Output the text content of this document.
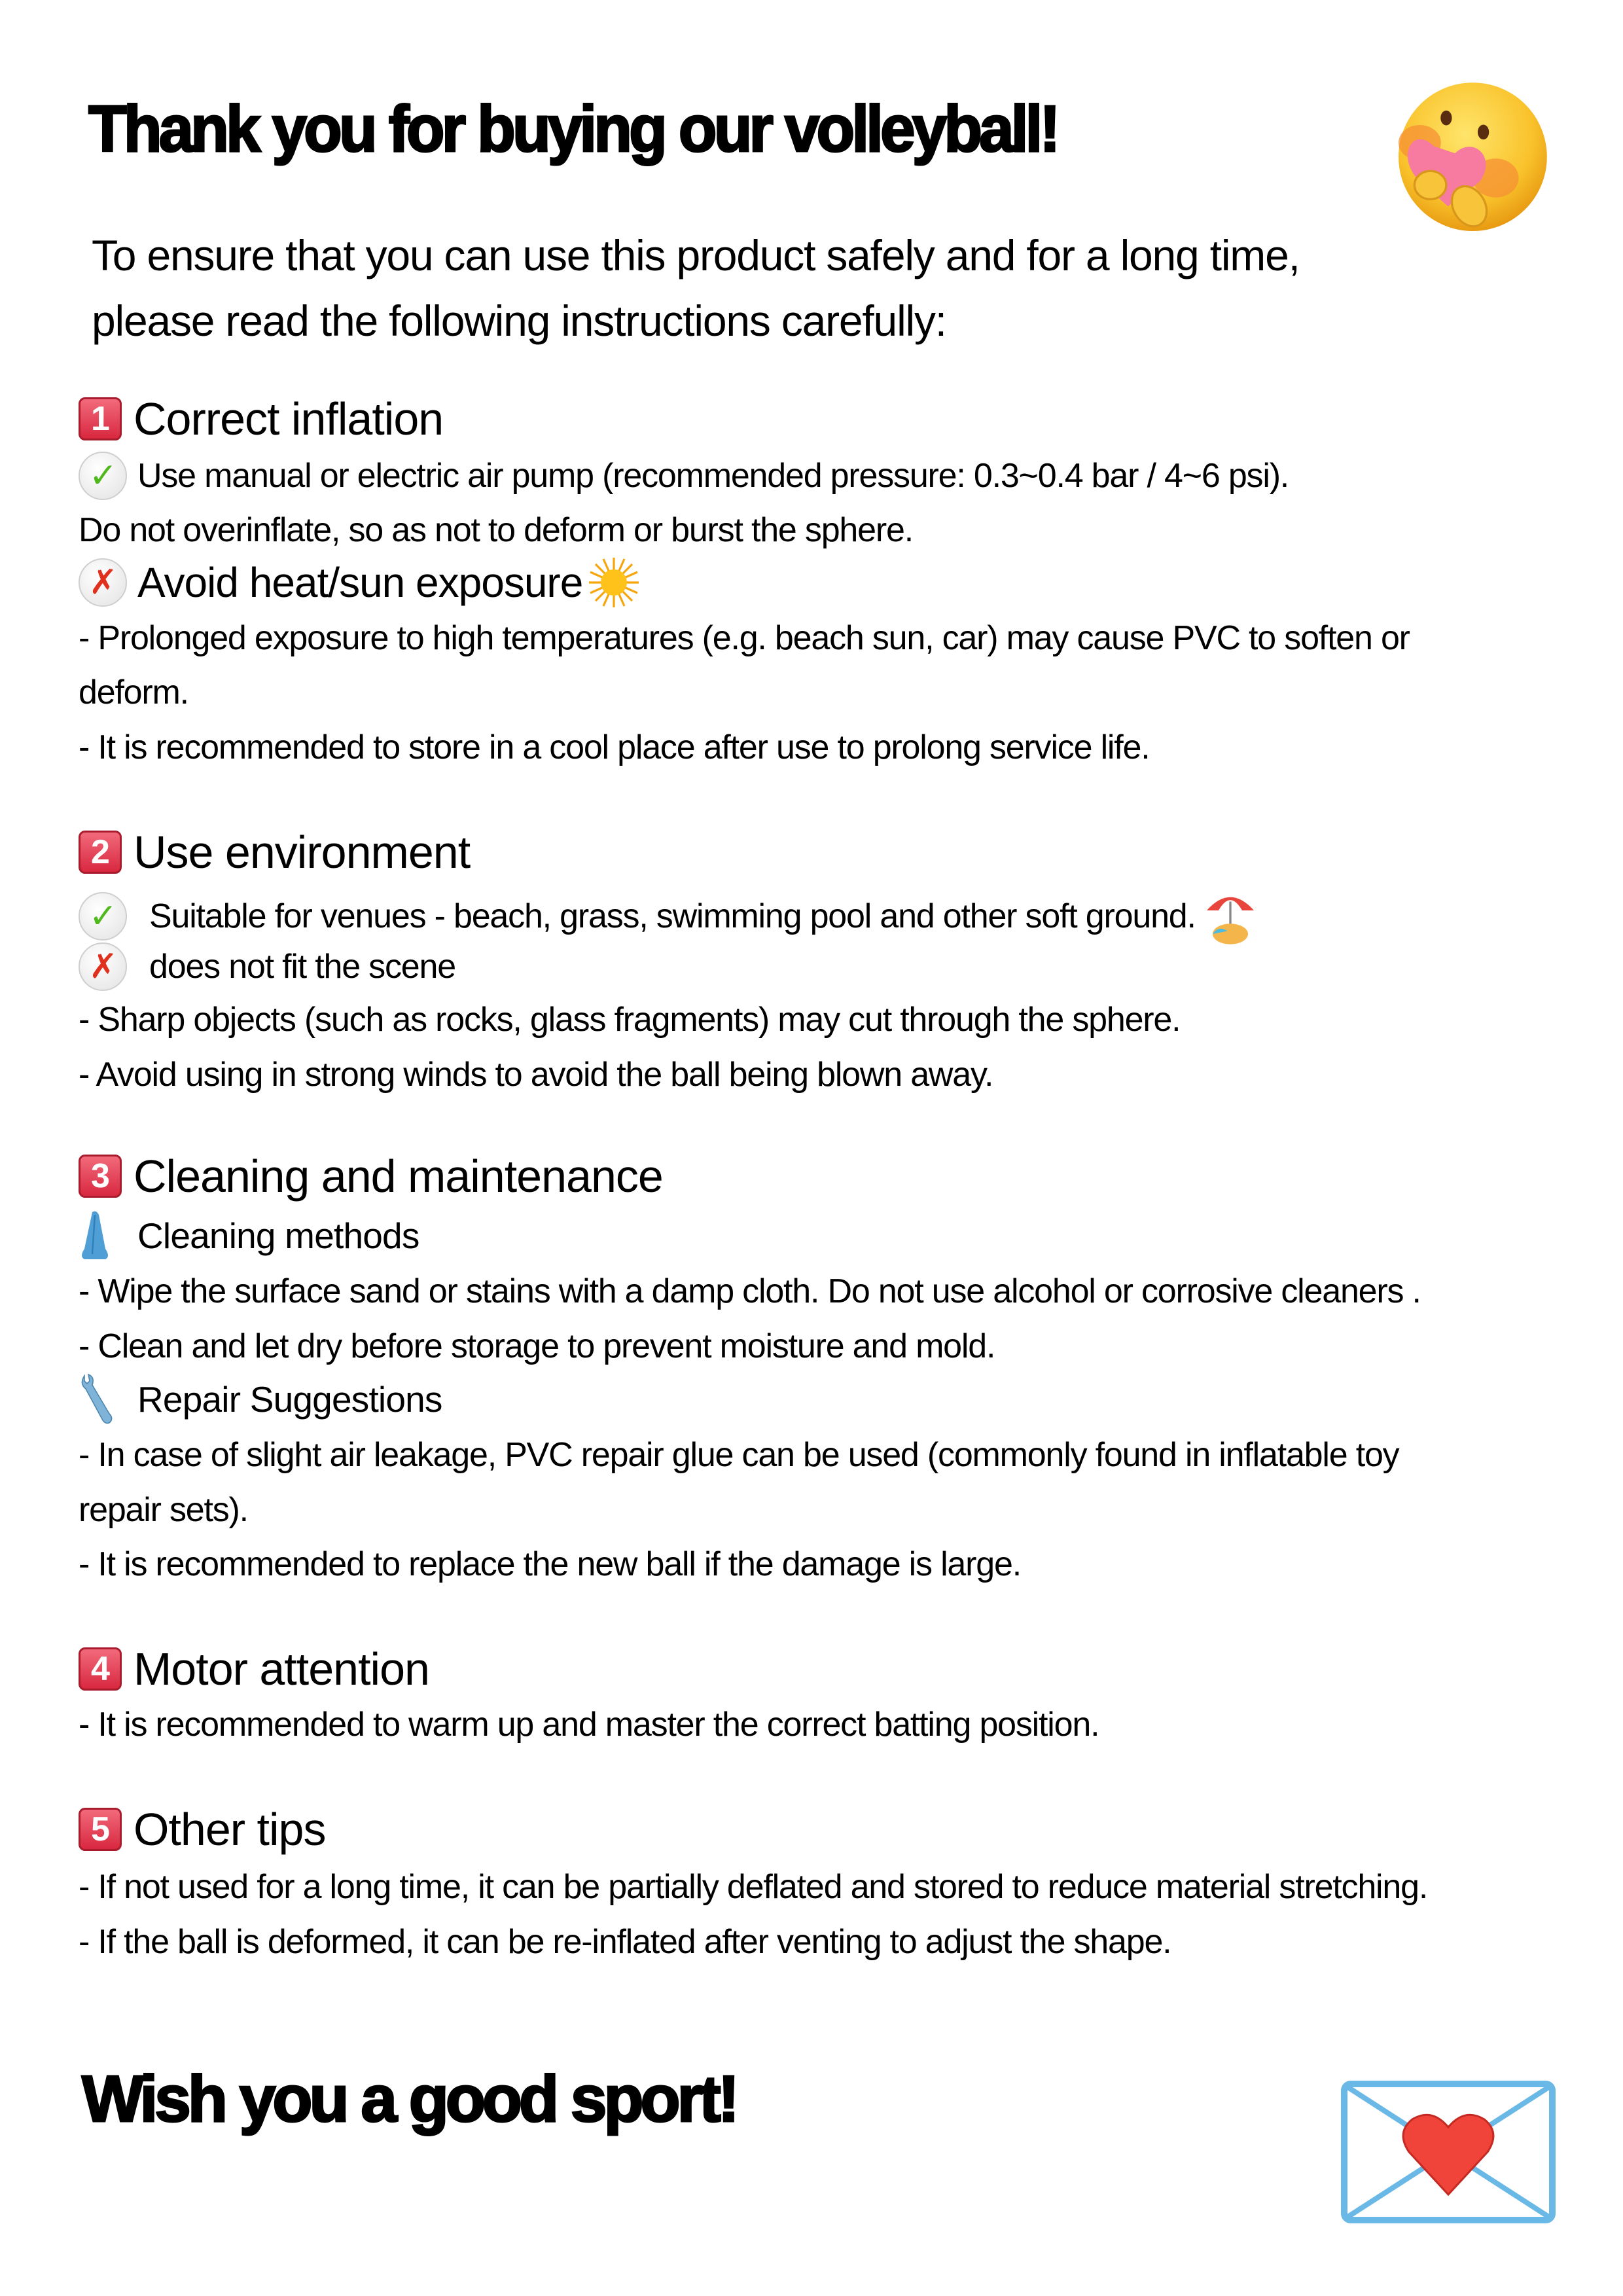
Thank you for buying our volleyball!
To ensure that you can use this product safely and for a long time,
please read the following instructions carefully:
1 Correct inflation
✓ Use manual or electric air pump (recommended pressure: 0.3~0.4 bar / 4~6 psi).
Do not overinflate, so as not to deform or burst the sphere.
✗ Avoid heat/sun exposure
- Prolonged exposure to high temperatures (e.g. beach sun, car) may cause PVC to soften or
deform.
- It is recommended to store in a cool place after use to prolong service life.
2 Use environment
✓ Suitable for venues - beach, grass, swimming pool and other soft ground.
✗ does not fit the scene
- Sharp objects (such as rocks, glass fragments) may cut through the sphere.
- Avoid using in strong winds to avoid the ball being blown away.
3 Cleaning and maintenance
Cleaning methods
- Wipe the surface sand or stains with a damp cloth. Do not use alcohol or corrosive cleaners .
- Clean and let dry before storage to prevent moisture and mold.
Repair Suggestions
- In case of slight air leakage, PVC repair glue can be used (commonly found in inflatable toy
repair sets).
- It is recommended to replace the new ball if the damage is large.
4 Motor attention
- It is recommended to warm up and master the correct batting position.
5 Other tips
- If not used for a long time, it can be partially deflated and stored to reduce material stretching.
- If the ball is deformed, it can be re-inflated after venting to adjust the shape.
Wish you a good sport!
